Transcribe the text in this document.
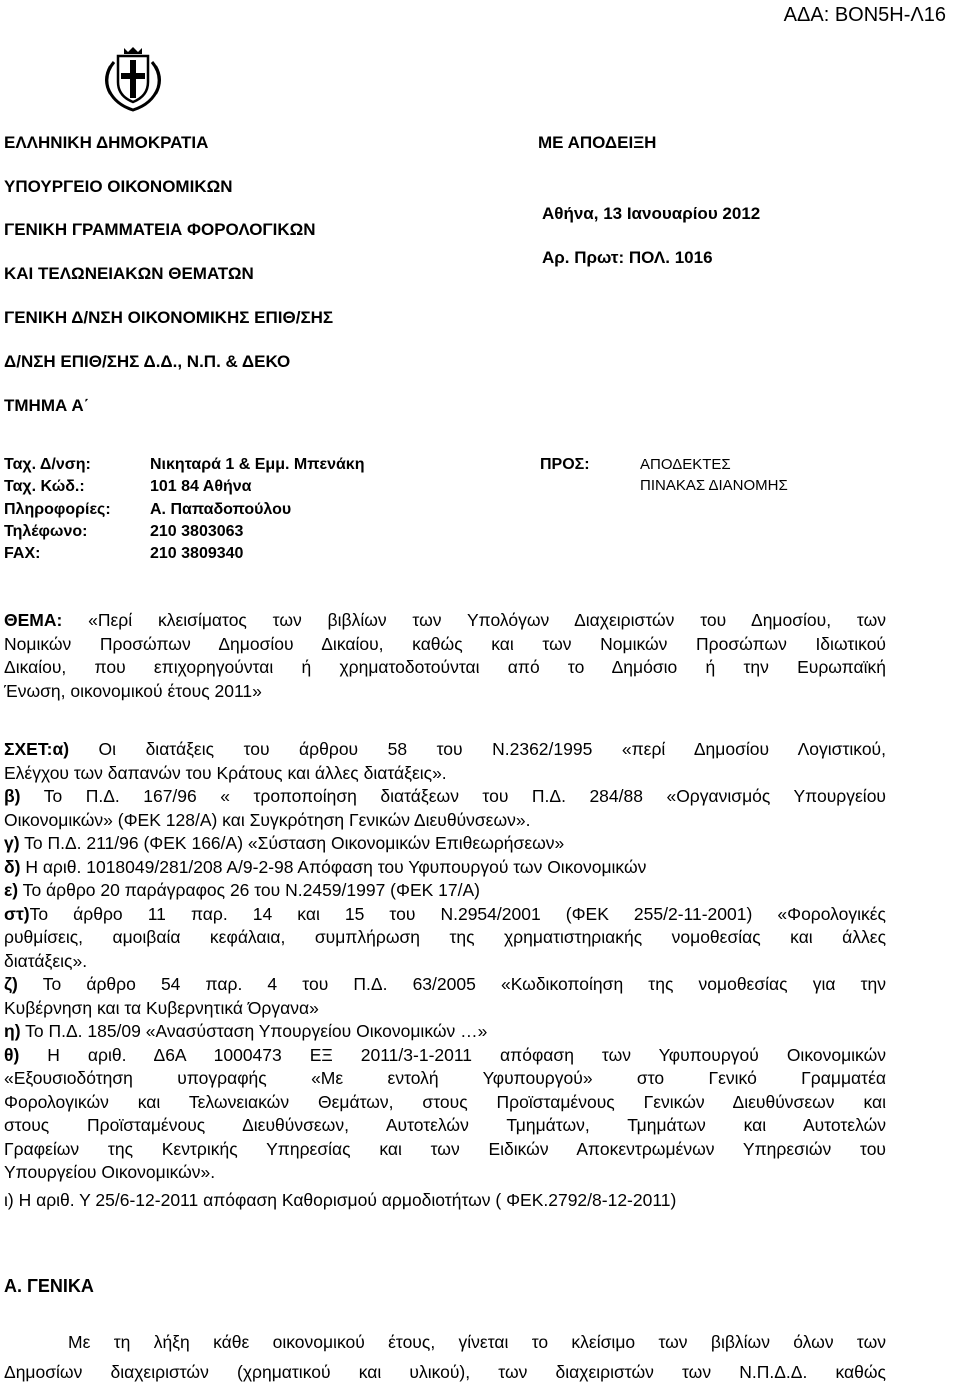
ΑΔΑ: ΒΟΝ5Η-Λ16
ΕΛΛΗΝΙΚΗ ΔΗΜΟΚΡΑΤΙΑ
ΥΠΟΥΡΓΕΙΟ ΟΙΚΟΝΟΜΙΚΩΝ
ΓΕΝΙΚΗ ΓΡΑΜΜΑΤΕΙΑ ΦΟΡΟΛΟΓΙΚΩΝ
ΚΑΙ ΤΕΛΩΝΕΙΑΚΩΝ ΘΕΜΑΤΩΝ
ΓΕΝΙΚΗ Δ/ΝΣΗ ΟΙΚΟΝΟΜΙΚΗΣ ΕΠΙΘ/ΣΗΣ
Δ/ΝΣΗ ΕΠΙΘ/ΣΗΣ Δ.Δ., Ν.Π. & ΔΕΚΟ
ΤΜΗΜΑ Α΄
ΜΕ ΑΠΟΔΕΙΞΗ
Αθήνα, 13 Ιανουαρίου 2012
Αρ. Πρωτ: ΠΟΛ. 1016
Ταχ. Δ/νση:	Νικηταρά 1 & Εμμ. Μπενάκη
Ταχ. Κώδ.:	101 84 Αθήνα
Πληροφορίες: Α. Παπαδοπούλου
Τηλέφωνο:	210 3803063
FAX:	210 3809340
ΠΡΟΣ:	ΑΠΟΔΕΚΤΕΣ
ΠΙΝΑΚΑΣ ΔΙΑΝΟΜΗΣ

ΘΕΜΑ: «Περί κλεισίματος των βιβλίων των Υπολόγων Διαχειριστών του Δημοσίου, των

Νομικών Προσώπων Δημοσίου Δικαίου, καθώς και των Νομικών Προσώπων Ιδιωτικού

Δικαίου, που επιχορηγούνται ή χρηματοδοτούνται από το Δημόσιο ή την Ευρωπαϊκή

Ένωση, οικονομικού έτους 2011»

ΣΧΕΤ:α) Οι διατάξεις του άρθρου 58 του Ν.2362/1995 «περί Δημοσίου Λογιστικού,

Ελέγχου των δαπανών του Κράτους και άλλες διατάξεις».

β) Το Π.Δ. 167/96 « τροποποίηση διατάξεων του Π.Δ. 284/88 «Οργανισμός Υπουργείου

Οικονομικών» (ΦΕΚ 128/Α) και Συγκρότηση Γενικών Διευθύνσεων».

γ) Το Π.Δ. 211/96 (ΦΕΚ 166/Α) «Σύσταση Οικονομικών Επιθεωρήσεων»

δ) Η αριθ. 1018049/281/208 Α/9-2-98 Απόφαση του Υφυπουργού των Οικονομικών

ε) Το άρθρο 20 παράγραφος 26 του Ν.2459/1997 (ΦΕΚ 17/Α)

στ)Το άρθρο 11 παρ. 14 και 15 του Ν.2954/2001 (ΦΕΚ 255/2-11-2001) «Φορολογικές

ρυθμίσεις, αμοιβαία κεφάλαια, συμπλήρωση της χρηματιστηριακής νομοθεσίας και άλλες

διατάξεις».

ζ) Το άρθρο 54 παρ. 4 του Π.Δ. 63/2005 «Κωδικοποίηση της νομοθεσίας για την

Κυβέρνηση και τα Κυβερνητικά Όργανα»

η) Το Π.Δ. 185/09 «Ανασύσταση Υπουργείου Οικονομικών …»

θ) Η αριθ. Δ6Α 1000473 ΕΞ 2011/3-1-2011 απόφαση των Υφυπουργού Οικονομικών

«Εξουσιοδότηση υπογραφής «Με εντολή Υφυπουργού» στο Γενικό Γραμματέα

Φορολογικών και Τελωνειακών Θεμάτων, στους Προϊσταμένους Γενικών Διευθύνσεων και

στους Προϊσταμένους Διευθύνσεων, Αυτοτελών Τμημάτων, Τμημάτων και Αυτοτελών

Γραφείων της Κεντρικής Υπηρεσίας και των Ειδικών Αποκεντρωμένων Υπηρεσιών του

Υπουργείου Οικονομικών».

ι) Η αριθ. Υ 25/6-12-2011 απόφαση Καθορισμού αρμοδιοτήτων ( ΦΕΚ.2792/8-12-2011)

Α. ΓΕΝΙΚΑ

Με τη λήξη κάθε οικονομικού έτους, γίνεται το κλείσιμο των βιβλίων όλων των

Δημοσίων διαχειριστών (χρηματικού και υλικού), των διαχειριστών των Ν.Π.Δ.Δ. καθώς
